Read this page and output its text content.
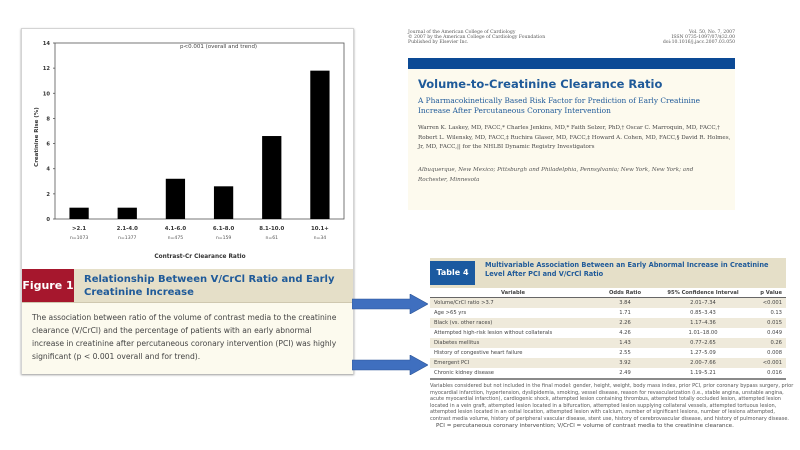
0
2
4
6
8
10
12
14
>2.1
n=1073
2.1-4.0
n=1377
4.1-6.0
n=475
6.1-8.0
n=159
8.1-10.0
n=61
10.1+
n=34
p<0.001 (overall and trend)
Creatinine Rise (%)
Contrast-Cr Clearance Ratio
Figure 1 Relationship Between V/CrCl Ratio and Early Creatinine Increase

The association between ratio of the volume of contrast media to the creatinine clearance (V/CrCl) and the percentage of patients with an early abnormal increase in creatinine after percutaneous coronary intervention (PCI) was highly significant (p < 0.001 overall and for trend).

Journal of the American College of Cardiology
© 2007 by the American College of Cardiology Foundation
Published by Elsevier Inc.
Vol. 50, No. 7, 2007
ISSN 0735-1097/07/$32.00
doi:10.1016/j.jacc.2007.03.050
Volume-to-Creatinine Clearance Ratio
A Pharmacokinetically Based Risk Factor for Prediction of Early Creatinine Increase After Percutaneous Coronary Intervention
Warren K. Laskey, MD, FACC,* Charles Jenkins, MD,* Faith Selzer, PhD,† Oscar C. Marroquin, MD, FACC,† Robert L. Wilensky, MD, FACC,‡ Ruchira Glaser, MD, FACC,‡ Howard A. Cohen, MD, FACC,§ David R. Holmes, Jr, MD, FACC,|| for the NHLBI Dynamic Registry Investigators
Albuquerque, New Mexico; Pittsburgh and Philadelphia, Pennsylvania; New York, New York; and Rochester, Minnesota
Table 4
Multivariable Association Between an Early Abnormal Increase in Creatinine Level After PCI and V/CrCl Ratio
Variable	Odds Ratio	95% Confidence Interval	p Value
Volume/CrCl ratio >3.7	3.84	2.01–7.34	<0.001
Age >65 yrs	1.71	0.85–3.43	0.13
Black (vs. other races)	2.26	1.17–4.36	0.015
Attempted high-risk lesion without collaterals	4.26	1.01–18.00	0.049
Diabetes mellitus	1.43	0.77–2.65	0.26
History of congestive heart failure	2.55	1.27–5.09	0.008
Emergent PCI	3.92	2.00–7.66	<0.001
Chronic kidney disease	2.49	1.19–5.21	0.016

Variables considered but not included in the final model: gender, height, weight, body mass index, prior PCI, prior coronary bypass surgery, prior myocardial infarction, hypertension, dyslipidemia, smoking, vessel disease, reason for revascularization (i.e., stable angina, unstable angina, acute myocardial infarction), cardiogenic shock, attempted lesion containing thrombus, attempted totally occluded lesion, attempted lesion located in a vein graft, attempted lesion located in a bifurcation, attempted lesion supplying collateral vessels, attempted tortuous lesion, attempted lesion located in an ostial location, attempted lesion with calcium, number of significant lesions, number of lesions attempted, contrast media volume, history of peripheral vascular disease, stent use, history of cerebrovascular disease, and history of pulmonary disease.

PCI = percutaneous coronary intervention; V/CrCl = volume of contrast media to the creatinine clearance.
